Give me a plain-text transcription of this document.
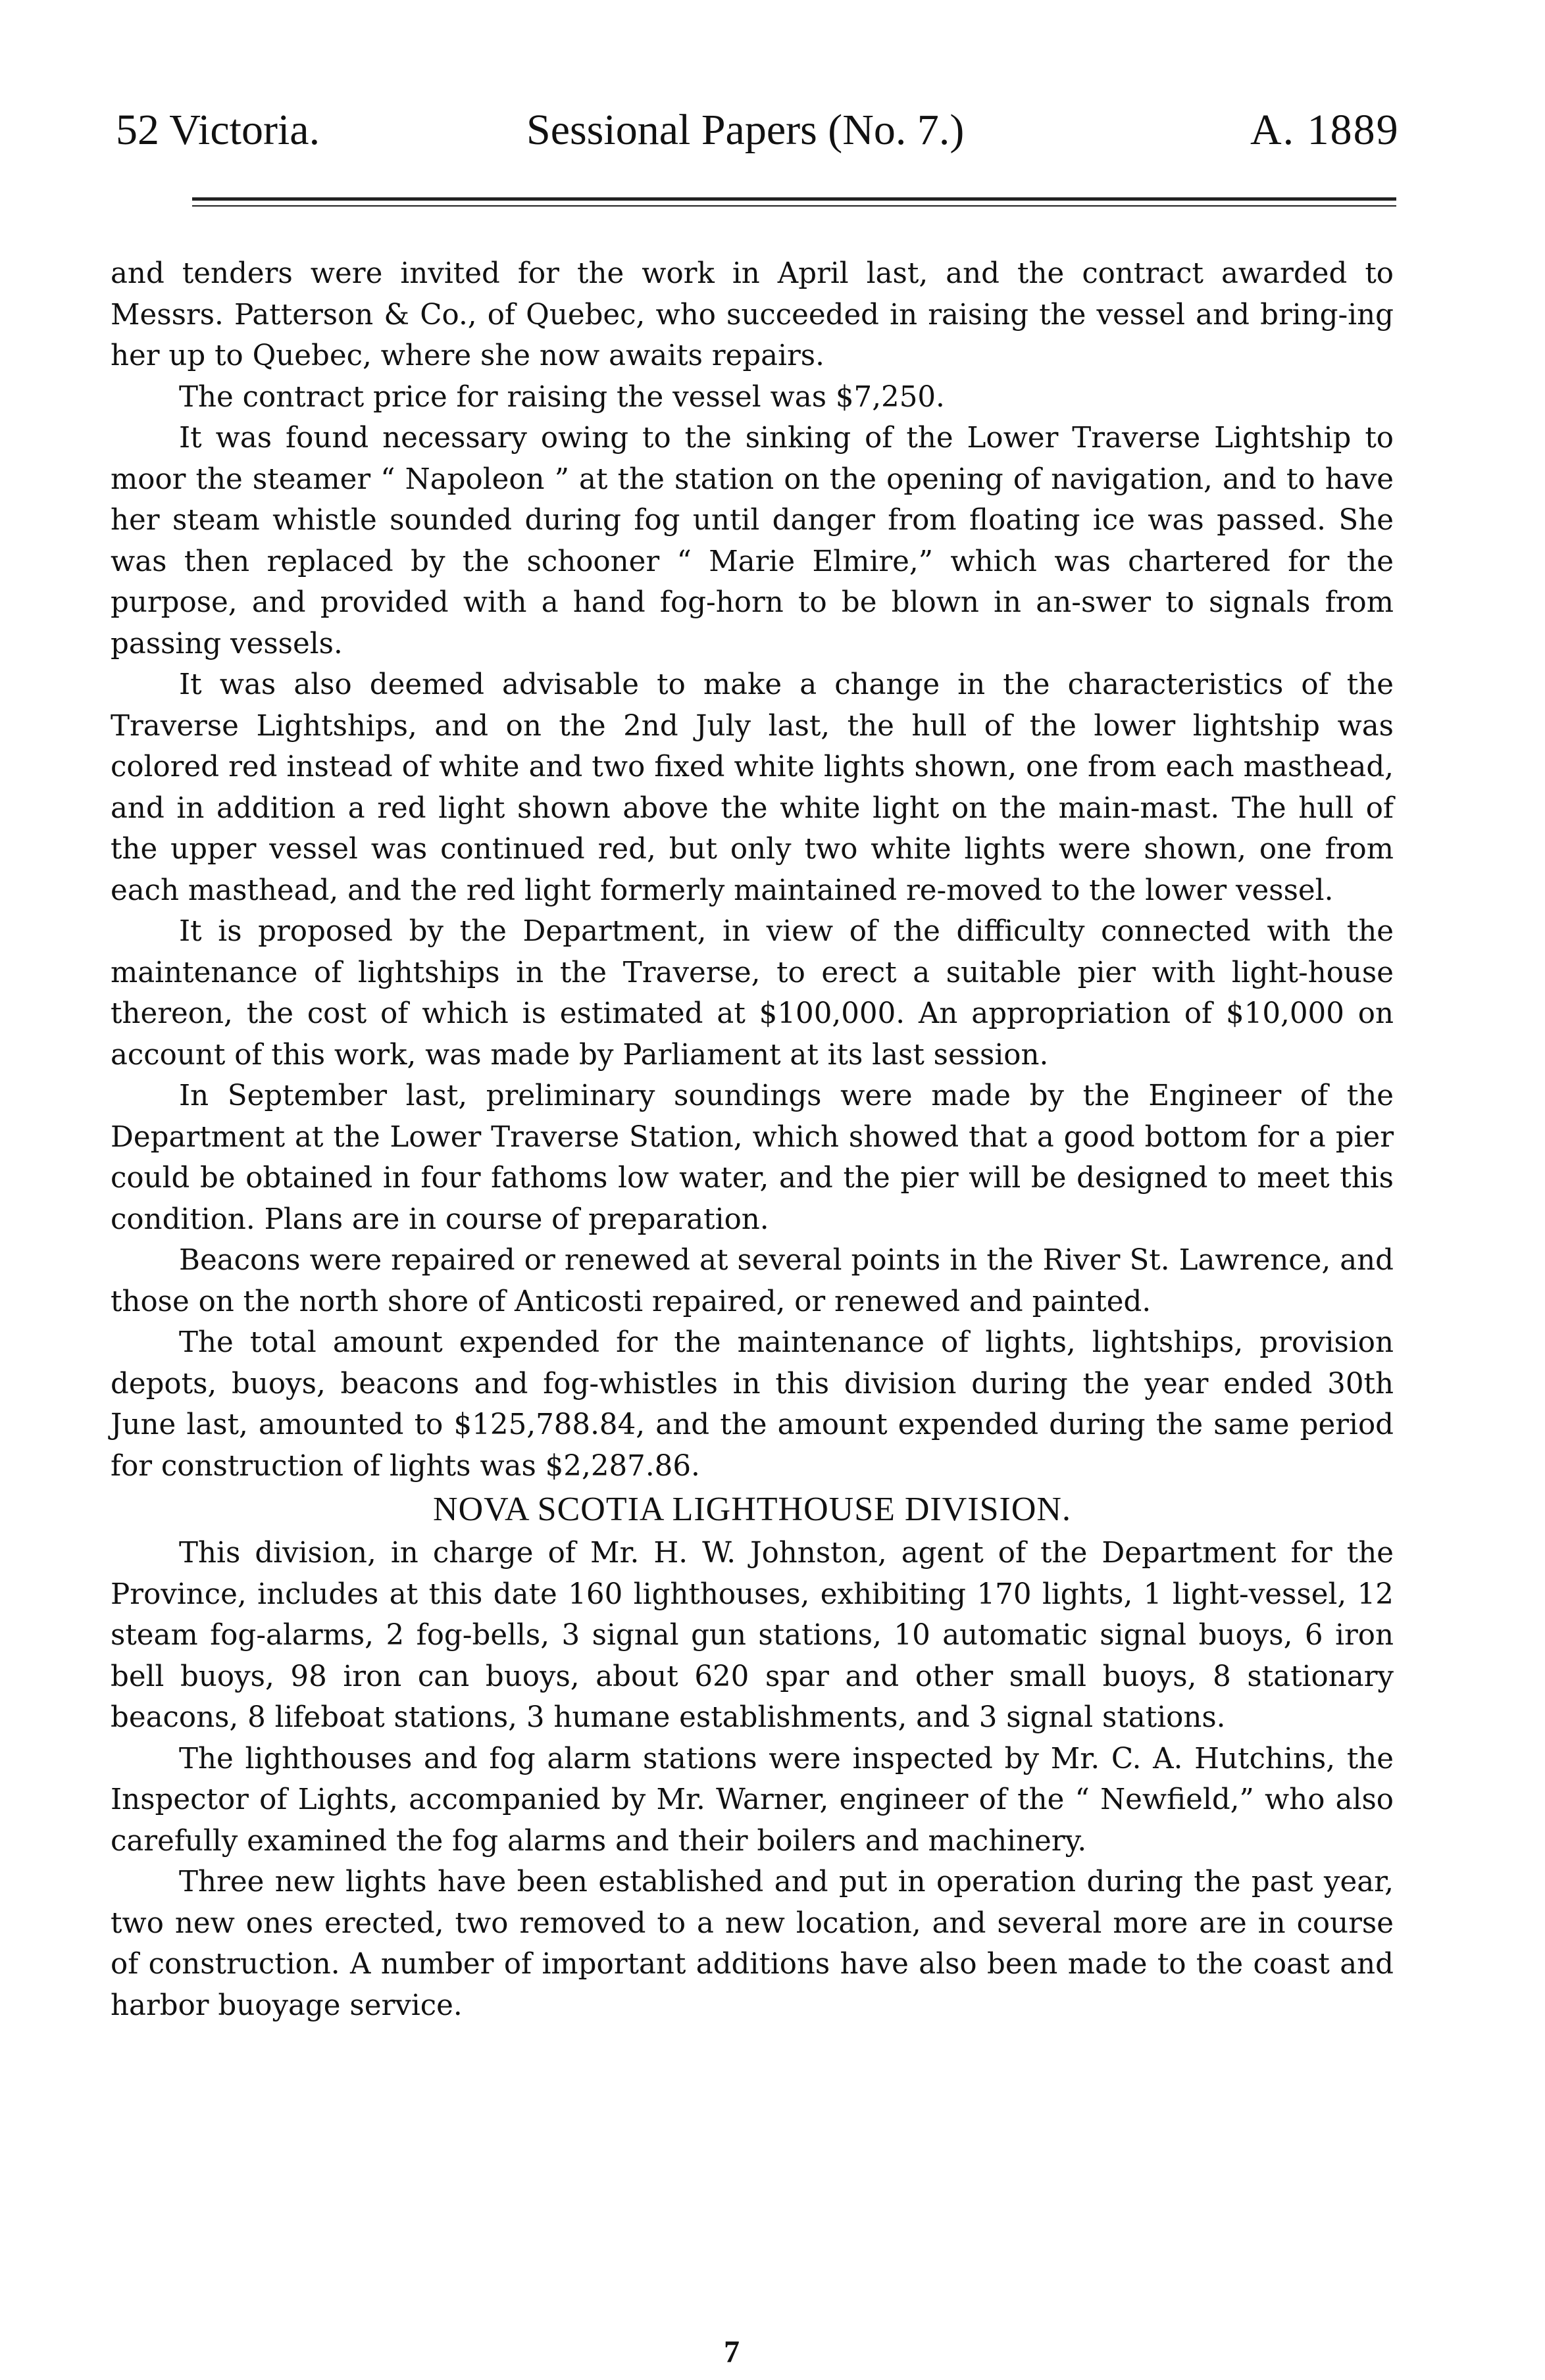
52 Victoria.	Sessional Papers (No. 7.)	A. 1889

and tenders were invited for the work in April last, and the contract awarded to Messrs. Patterson & Co., of Quebec, who succeeded in raising the vessel and bring-ing her up to Quebec, where she now awaits repairs.

The contract price for raising the vessel was $7,250.

It was found necessary owing to the sinking of the Lower Traverse Lightship to moor the steamer “ Napoleon ” at the station on the opening of navigation, and to have her steam whistle sounded during fog until danger from floating ice was passed. She was then replaced by the schooner “ Marie Elmire,” which was chartered for the purpose, and provided with a hand fog-horn to be blown in an-swer to signals from passing vessels.

It was also deemed advisable to make a change in the characteristics of the Traverse Lightships, and on the 2nd July last, the hull of the lower lightship was colored red instead of white and two fixed white lights shown, one from each masthead, and in addition a red light shown above the white light on the main-mast. The hull of the upper vessel was continued red, but only two white lights were shown, one from each masthead, and the red light formerly maintained re-moved to the lower vessel.

It is proposed by the Department, in view of the difficulty connected with the maintenance of lightships in the Traverse, to erect a suitable pier with light-house thereon, the cost of which is estimated at $100,000. An appropriation of $10,000 on account of this work, was made by Parliament at its last session.

In September last, preliminary soundings were made by the Engineer of the Department at the Lower Traverse Station, which showed that a good bottom for a pier could be obtained in four fathoms low water, and the pier will be designed to meet this condition. Plans are in course of preparation.

Beacons were repaired or renewed at several points in the River St. Lawrence, and those on the north shore of Anticosti repaired, or renewed and painted.

The total amount expended for the maintenance of lights, lightships, provision depots, buoys, beacons and fog-whistles in this division during the year ended 30th June last, amounted to $125,788.84, and the amount expended during the same period for construction of lights was $2,287.86.

NOVA SCOTIA LIGHTHOUSE DIVISION.

This division, in charge of Mr. H. W. Johnston, agent of the Department for the Province, includes at this date 160 lighthouses, exhibiting 170 lights, 1 light-vessel, 12 steam fog-alarms, 2 fog-bells, 3 signal gun stations, 10 automatic signal buoys, 6 iron bell buoys, 98 iron can buoys, about 620 spar and other small buoys, 8 stationary beacons, 8 lifeboat stations, 3 humane establishments, and 3 signal stations.

The lighthouses and fog alarm stations were inspected by Mr. C. A. Hutchins, the Inspector of Lights, accompanied by Mr. Warner, engineer of the “ Newfield,” who also carefully examined the fog alarms and their boilers and machinery.

Three new lights have been established and put in operation during the past year, two new ones erected, two removed to a new location, and several more are in course of construction. A number of important additions have also been made to the coast and harbor buoyage service.

7
